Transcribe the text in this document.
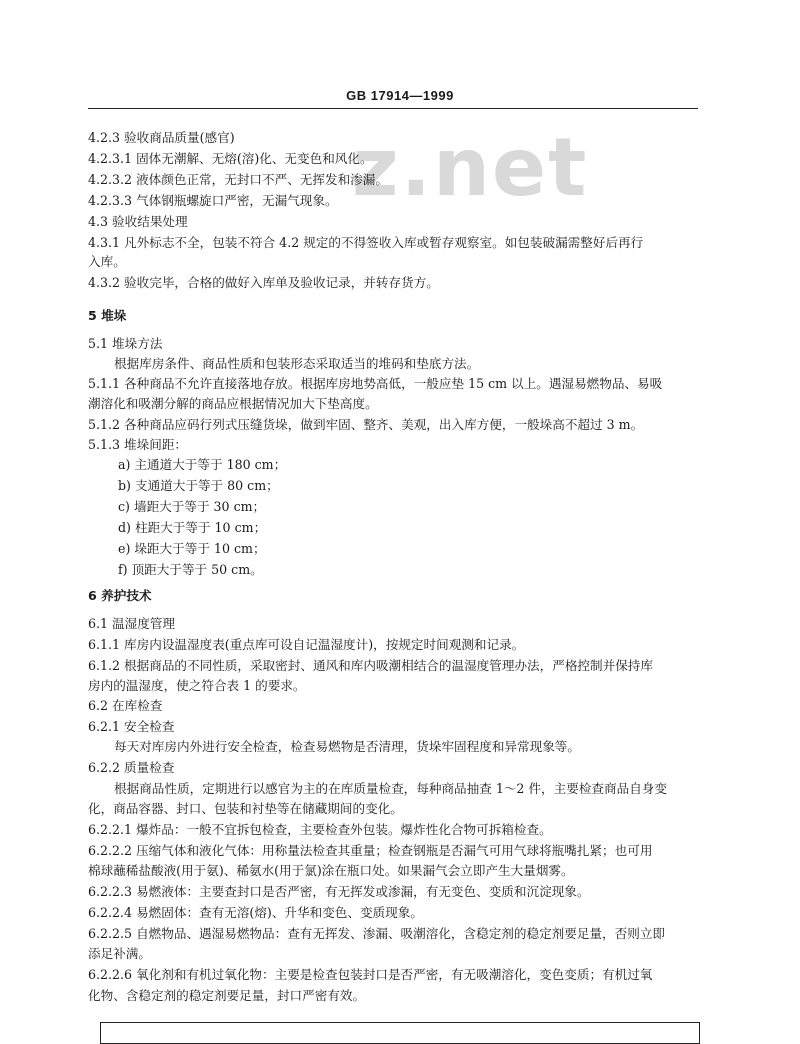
GB 17914—1999
z.net
4.2.3 验收商品质量(感官)
4.2.3.1 固体无潮解、无熔(溶)化、无变色和风化。
4.2.3.2 液体颜色正常，无封口不严、无挥发和渗漏。
4.2.3.3 气体钢瓶螺旋口严密，无漏气现象。
4.3 验收结果处理
4.3.1 凡外标志不全，包装不符合 4.2 规定的不得签收入库或暂存观察室。如包装破漏需整好后再行
入库。
4.3.2 验收完毕，合格的做好入库单及验收记录，并转存货方。
5 堆垛
5.1 堆垛方法
根据库房条件、商品性质和包装形态采取适当的堆码和垫底方法。
5.1.1 各种商品不允许直接落地存放。根据库房地势高低，一般应垫 15 cm 以上。遇湿易燃物品、易吸
潮溶化和吸潮分解的商品应根据情况加大下垫高度。
5.1.2 各种商品应码行列式压缝货垛，做到牢固、整齐、美观，出入库方便，一般垛高不超过 3 m。
5.1.3 堆垛间距：
a) 主通道大于等于 180 cm；
b) 支通道大于等于 80 cm；
c) 墙距大于等于 30 cm；
d) 柱距大于等于 10 cm；
e) 垛距大于等于 10 cm；
f) 顶距大于等于 50 cm。
6 养护技术
6.1 温湿度管理
6.1.1 库房内设温湿度表(重点库可设自记温湿度计)，按规定时间观测和记录。
6.1.2 根据商品的不同性质，采取密封、通风和库内吸潮相结合的温湿度管理办法，严格控制并保持库
房内的温湿度，使之符合表 1 的要求。
6.2 在库检查
6.2.1 安全检查
每天对库房内外进行安全检查，检查易燃物是否清理，货垛牢固程度和异常现象等。
6.2.2 质量检查
根据商品性质，定期进行以感官为主的在库质量检查，每种商品抽查 1～2 件，主要检查商品自身变
化，商品容器、封口、包装和衬垫等在储藏期间的变化。
6.2.2.1 爆炸品：一般不宜拆包检查，主要检查外包装。爆炸性化合物可拆箱检查。
6.2.2.2 压缩气体和液化气体：用称量法检查其重量；检查钢瓶是否漏气可用气球将瓶嘴扎紧；也可用
棉球蘸稀盐酸液(用于氨)、稀氨水(用于氯)涂在瓶口处。如果漏气会立即产生大量烟雾。
6.2.2.3 易燃液体：主要查封口是否严密，有无挥发或渗漏，有无变色、变质和沉淀现象。
6.2.2.4 易燃固体：查有无溶(熔)、升华和变色、变质现象。
6.2.2.5 自燃物品、遇湿易燃物品：查有无挥发、渗漏、吸潮溶化，含稳定剂的稳定剂要足量，否则立即
添足补满。
6.2.2.6 氧化剂和有机过氧化物：主要是检查包装封口是否严密，有无吸潮溶化，变色变质；有机过氧
化物、含稳定剂的稳定剂要足量，封口严密有效。
